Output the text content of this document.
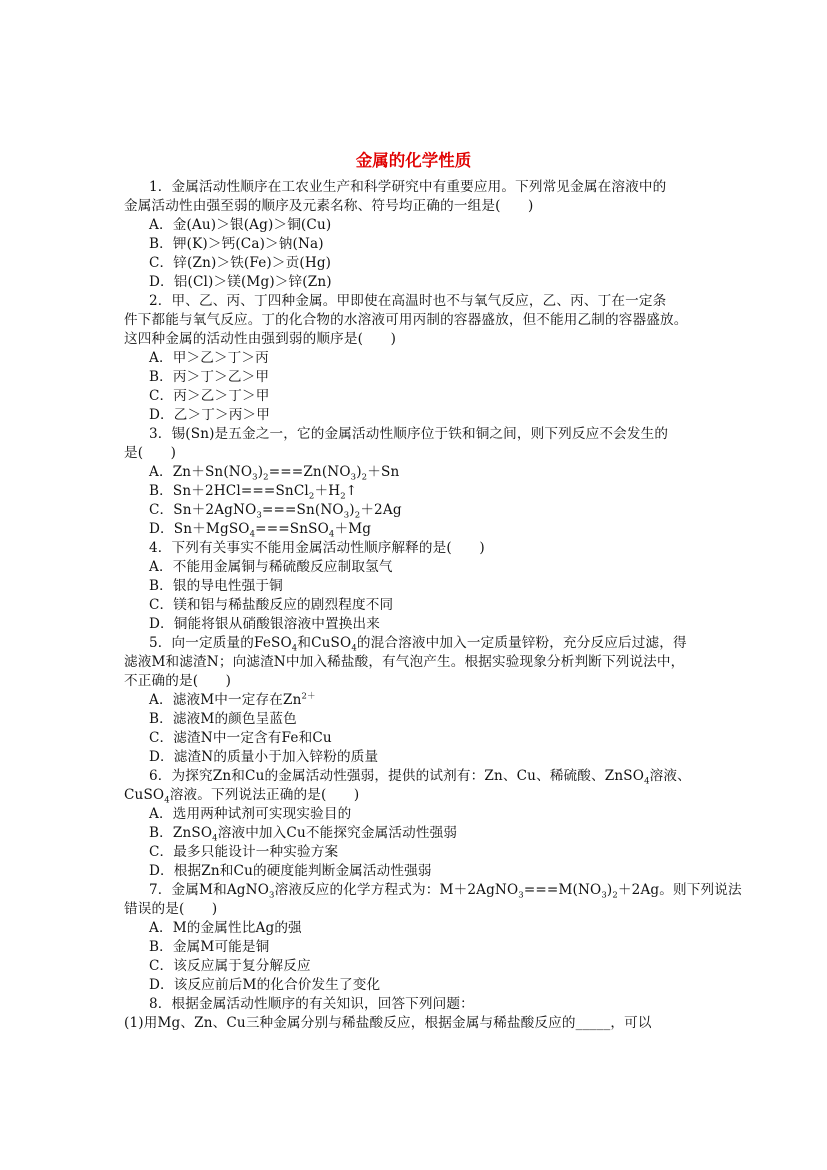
金属的化学性质
1．金属活动性顺序在工农业生产和科学研究中有重要应用。下列常见金属在溶液中的
金属活动性由强至弱的顺序及元素名称、符号均正确的一组是(　　)
A．金(Au)＞银(Ag)＞铜(Cu)
B．钾(K)＞钙(Ca)＞钠(Na)
C．锌(Zn)＞铁(Fe)＞贡(Hg)
D．铝(Cl)＞镁(Mg)＞锌(Zn)
2．甲、乙、丙、丁四种金属。甲即使在高温时也不与氧气反应，乙、丙、丁在一定条
件下都能与氧气反应。丁的化合物的水溶液可用丙制的容器盛放，但不能用乙制的容器盛放。
这四种金属的活动性由强到弱的顺序是(　　)
A．甲＞乙＞丁＞丙
B．丙＞丁＞乙＞甲
C．丙＞乙＞丁＞甲
D．乙＞丁＞丙＞甲
3．锡(Sn)是五金之一，它的金属活动性顺序位于铁和铜之间，则下列反应不会发生的
是(　　)
A．$Zn+Sn(NO_3)_2===Zn(NO_3)_2+Sn$
B．$Sn+2HCl===SnCl_2+H_2↑$
C．$Sn+2AgNO_3===Sn(NO_3)_2+2Ag$
D．Sn＋MgSO$_4$===SnSO$_4$＋Mg
4．下列有关事实不能用金属活动性顺序解释的是(　　)
A．不能用金属铜与稀硫酸反应制取氢气
B．银的导电性强于铜
C．镁和铝与稀盐酸反应的剧烈程度不同
D．铜能将银从硝酸银溶液中置换出来
5．向一定质量的FeSO$_4$和CuSO$_4$的混合溶液中加入一定质量锌粉，充分反应后过滤，得
滤液M和滤渣N；向滤渣N中加入稀盐酸，有气泡产生。根据实验现象分析判断下列说法中，
不正确的是(　　)
A．滤液M中一定存在$Zn^{2+}$
B．滤液M的颜色呈蓝色
C．滤渣N中一定含有Fe和Cu
D．滤渣N的质量小于加入锌粉的质量
6．为探究Zn和Cu的金属活动性强弱，提供的试剂有：Zn、Cu、稀硫酸、ZnSO$_4$溶液、
CuSO$_4$溶液。下列说法正确的是(　　)
A．选用两种试剂可实现实验目的
B．ZnSO$_4$溶液中加入Cu不能探究金属活动性强弱
C．最多只能设计一种实验方案
D．根据Zn和Cu的硬度能判断金属活动性强弱
7．金属M和AgNO$_3$溶液反应的化学方程式为：$M+2AgNO_3===M(NO_3)_2+2Ag$。则下列说法
错误的是(　　)
A．M的金属性比Ag的强
B．金属M可能是铜
C．该反应属于复分解反应
D．该反应前后M的化合价发生了变化
8．根据金属活动性顺序的有关知识，回答下列问题：
(1)用Mg、Zn、Cu三种金属分别与稀盐酸反应，根据金属与稀盐酸反应的_____，可以
